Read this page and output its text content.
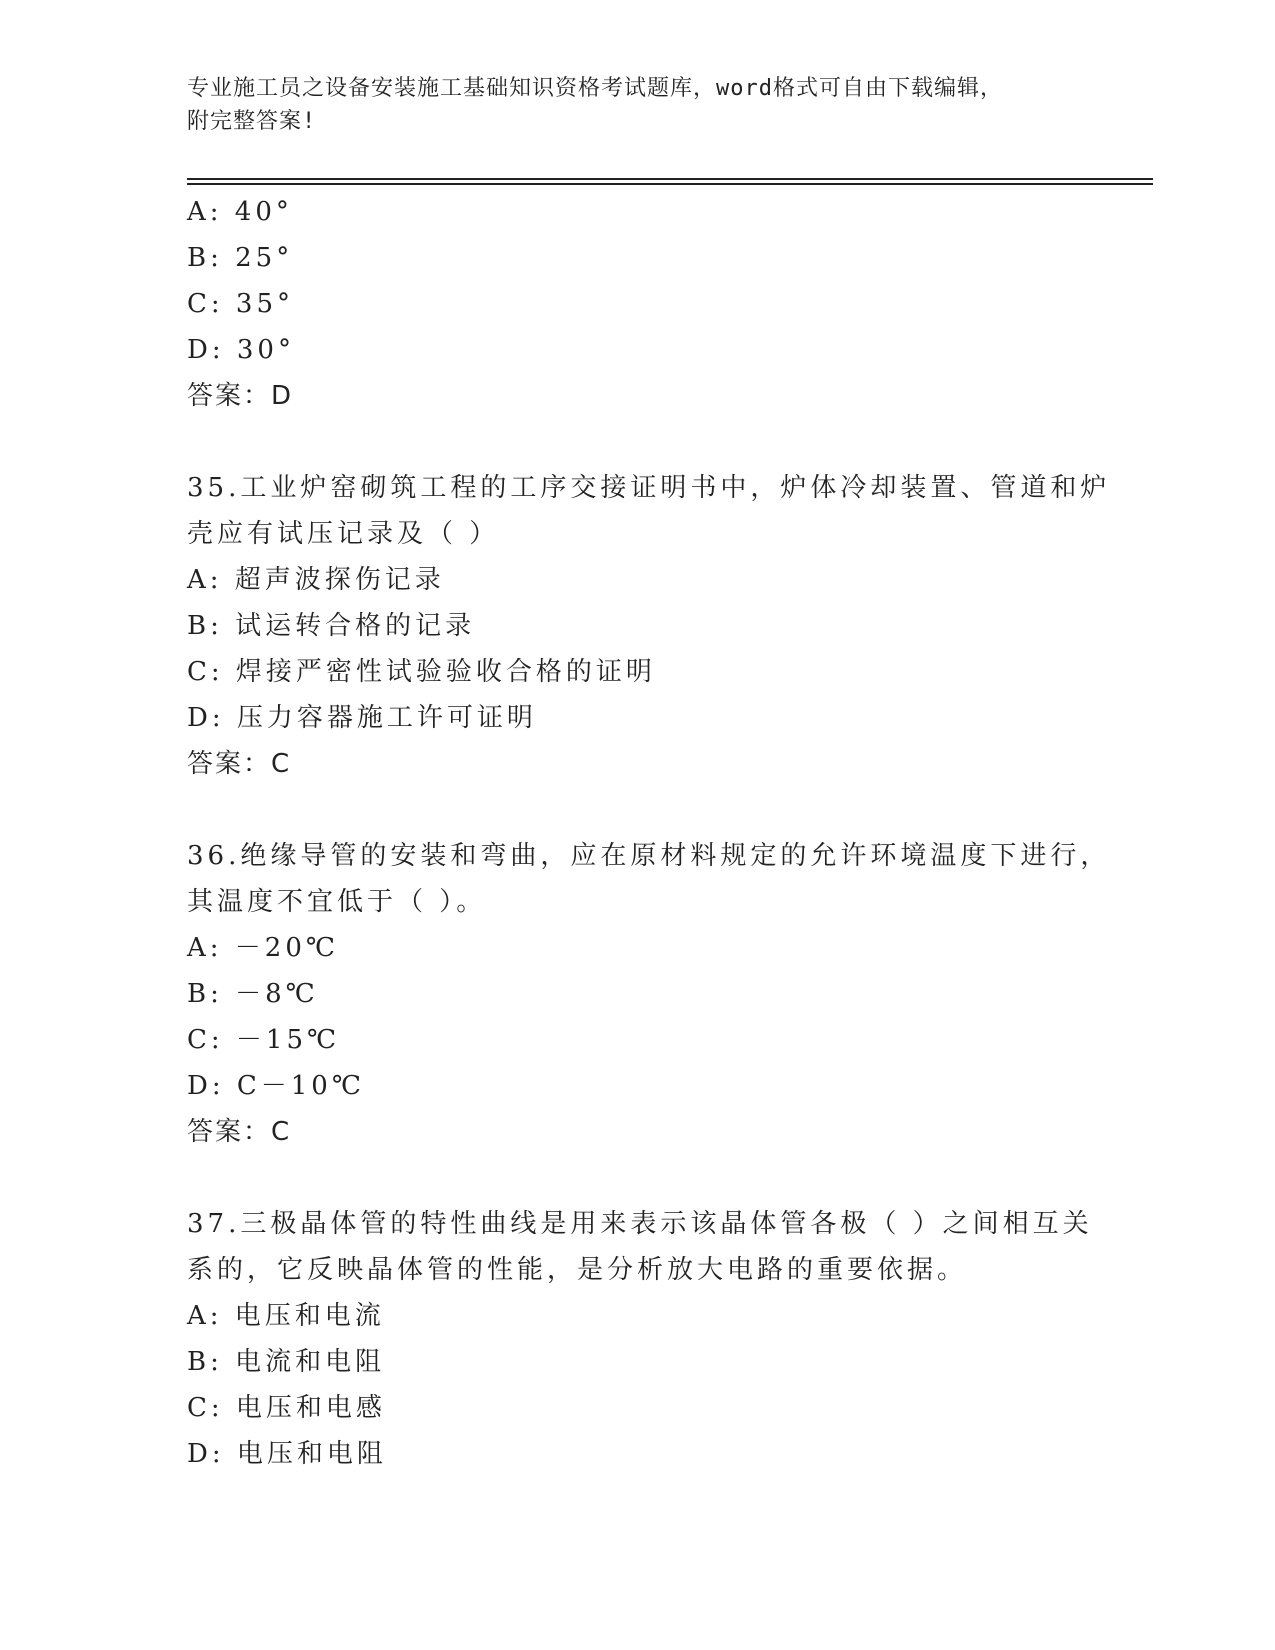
专业施工员之设备安装施工基础知识资格考试题库，word格式可自由下载编辑，
附完整答案!
A: 40°
B: 25°
C: 35°
D: 30°
答案：D
35.工业炉窑砌筑工程的工序交接证明书中，炉体冷却装置、管道和炉
壳应有试压记录及（ ）
A: 超声波探伤记录
B: 试运转合格的记录
C: 焊接严密性试验验收合格的证明
D: 压力容器施工许可证明
答案：C
36.绝缘导管的安装和弯曲，应在原材料规定的允许环境温度下进行，
其温度不宜低于（ ）。
A: －20℃
B: －8℃
C: －15℃
D: C－10℃
答案：C
37.三极晶体管的特性曲线是用来表示该晶体管各极（ ）之间相互关
系的，它反映晶体管的性能，是分析放大电路的重要依据。
A: 电压和电流
B: 电流和电阻
C: 电压和电感
D: 电压和电阻
